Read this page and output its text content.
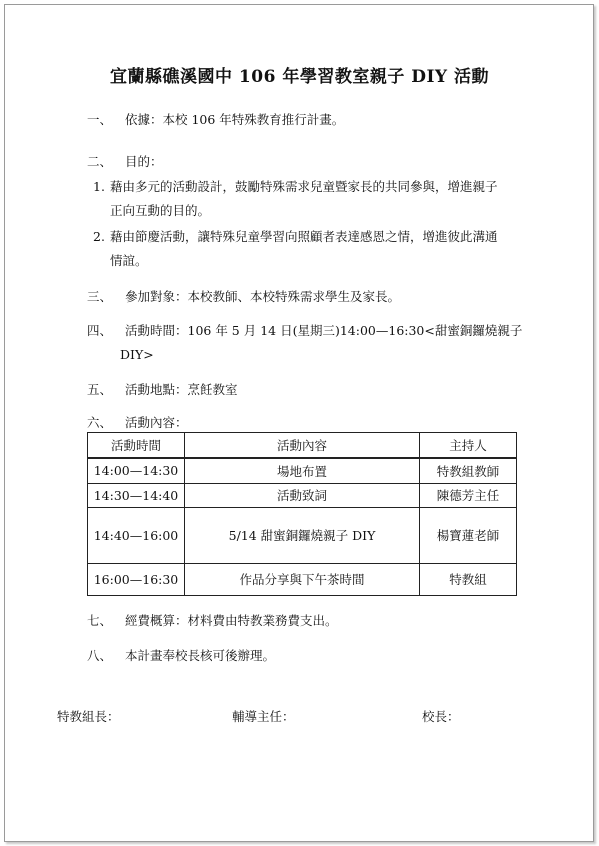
宜蘭縣礁溪國中 106 年學習教室親子 DIY 活動
一、 依據：本校 106 年特殊教育推行計畫。
二、 目的：
1. 藉由多元的活動設計，鼓勵特殊需求兒童暨家長的共同參與，增進親子
正向互動的目的。
2. 藉由節慶活動，讓特殊兒童學習向照顧者表達感恩之情，增進彼此溝通
情誼。
三、 參加對象：本校教師、本校特殊需求學生及家長。
四、 活動時間：106 年 5 月 14 日(星期三)14:00—16:30<甜蜜銅鑼燒親子
DIY>
五、 活動地點：烹飪教室
六、 活動內容：
活動時間	活動內容	主持人
14:00—14:30	場地布置	特教組教師
14:30—14:40	活動致詞	陳德芳主任
14:40—16:00	5/14 甜蜜銅鑼燒親子 DIY	楊寶蓮老師
16:00—16:30	作品分享與下午茶時間	特教組
七、 經費概算：材料費由特教業務費支出。
八、 本計畫奉校長核可後辦理。
特教組長：	輔導主任：	校長：
